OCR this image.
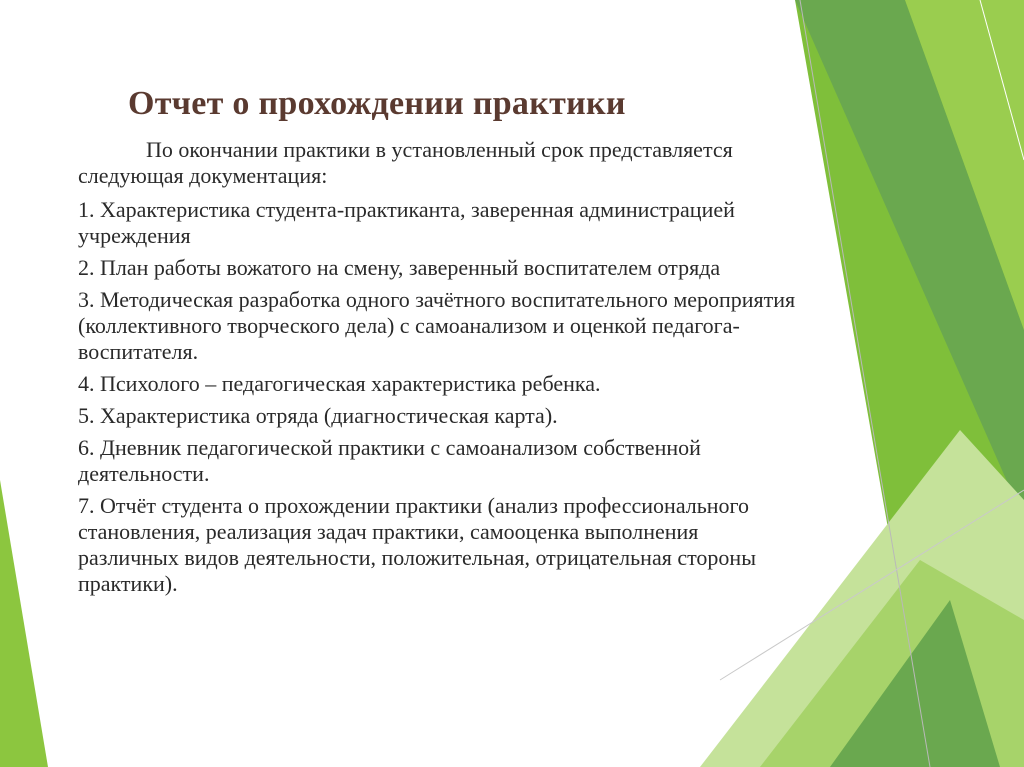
Отчет о прохождении практики
По окончании практики в установленный срок представляется следующая документация:
1. Характеристика студента-практиканта, заверенная администрацией учреждения
2. План работы вожатого на смену, заверенный воспитателем отряда
3. Методическая разработка одного зачётного воспитательного мероприятия (коллективного творческого дела) с самоанализом и оценкой педагога-воспитателя.
4. Психолого – педагогическая характеристика ребенка.
5. Характеристика отряда (диагностическая карта).
6. Дневник педагогической практики с самоанализом собственной деятельности.
7. Отчёт студента о прохождении практики (анализ профессионального становления, реализация задач практики, самооценка выполнения различных видов деятельности, положительная, отрицательная стороны практики).
